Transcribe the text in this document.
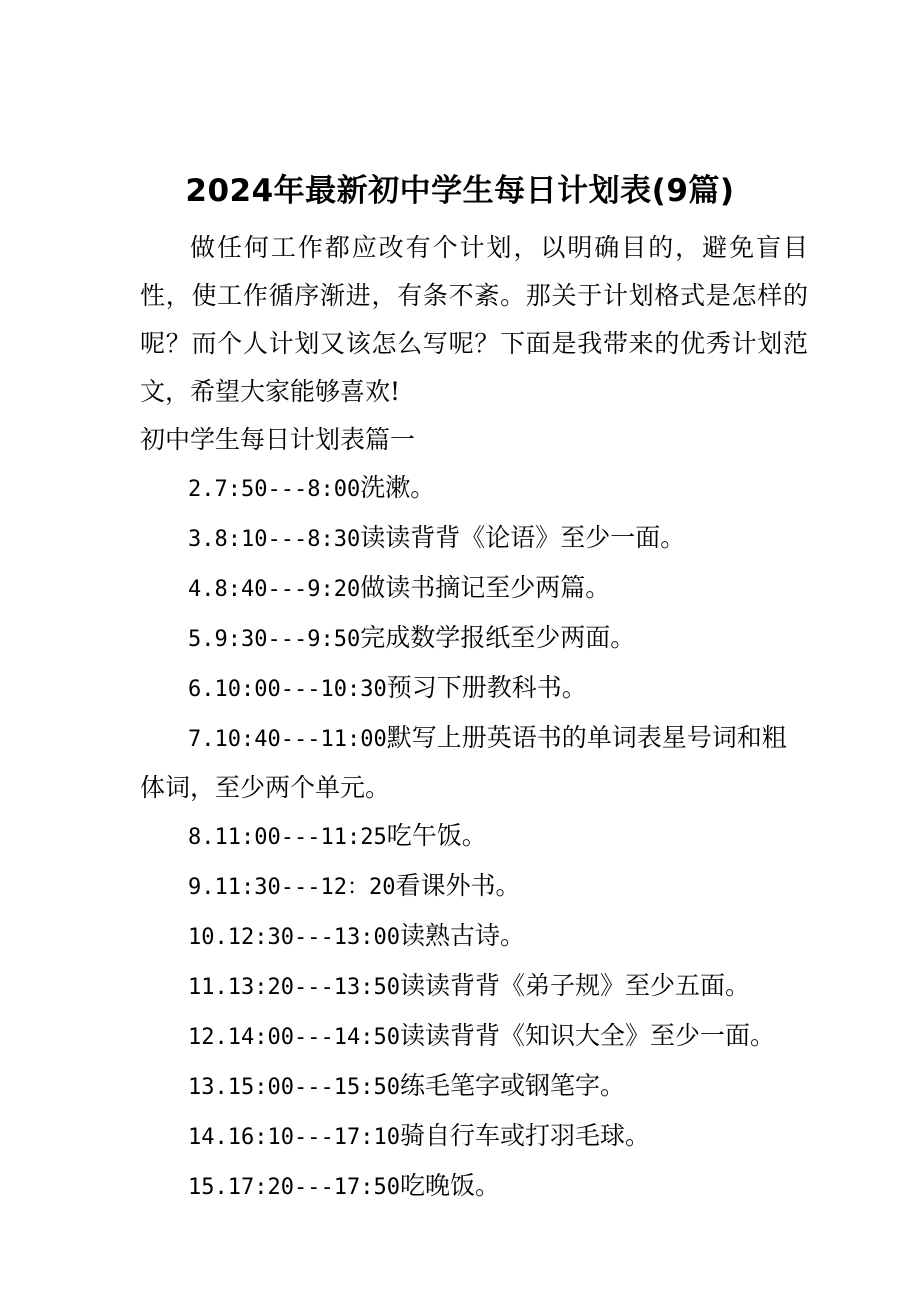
2024年最新初中学生每日计划表(9篇)

做任何工作都应改有个计划，以明确目的，避免盲目性，使工作循序渐进，有条不紊。那关于计划格式是怎样的呢？而个人计划又该怎么写呢？下面是我带来的优秀计划范文，希望大家能够喜欢!

初中学生每日计划表篇一

2.7:50---8:00洗漱。
3.8:10---8:30读读背背《论语》至少一面。
4.8:40---9:20做读书摘记至少两篇。
5.9:30---9:50完成数学报纸至少两面。
6.10:00---10:30预习下册教科书。
7.10:40---11:00默写上册英语书的单词表星号词和粗体词，至少两个单元。
8.11:00---11:25吃午饭。
9.11:30---12：20看课外书。
10.12:30---13:00读熟古诗。
11.13:20---13:50读读背背《弟子规》至少五面。
12.14:00---14:50读读背背《知识大全》至少一面。
13.15:00---15:50练毛笔字或钢笔字。
14.16:10---17:10骑自行车或打羽毛球。
15.17:20---17:50吃晚饭。
